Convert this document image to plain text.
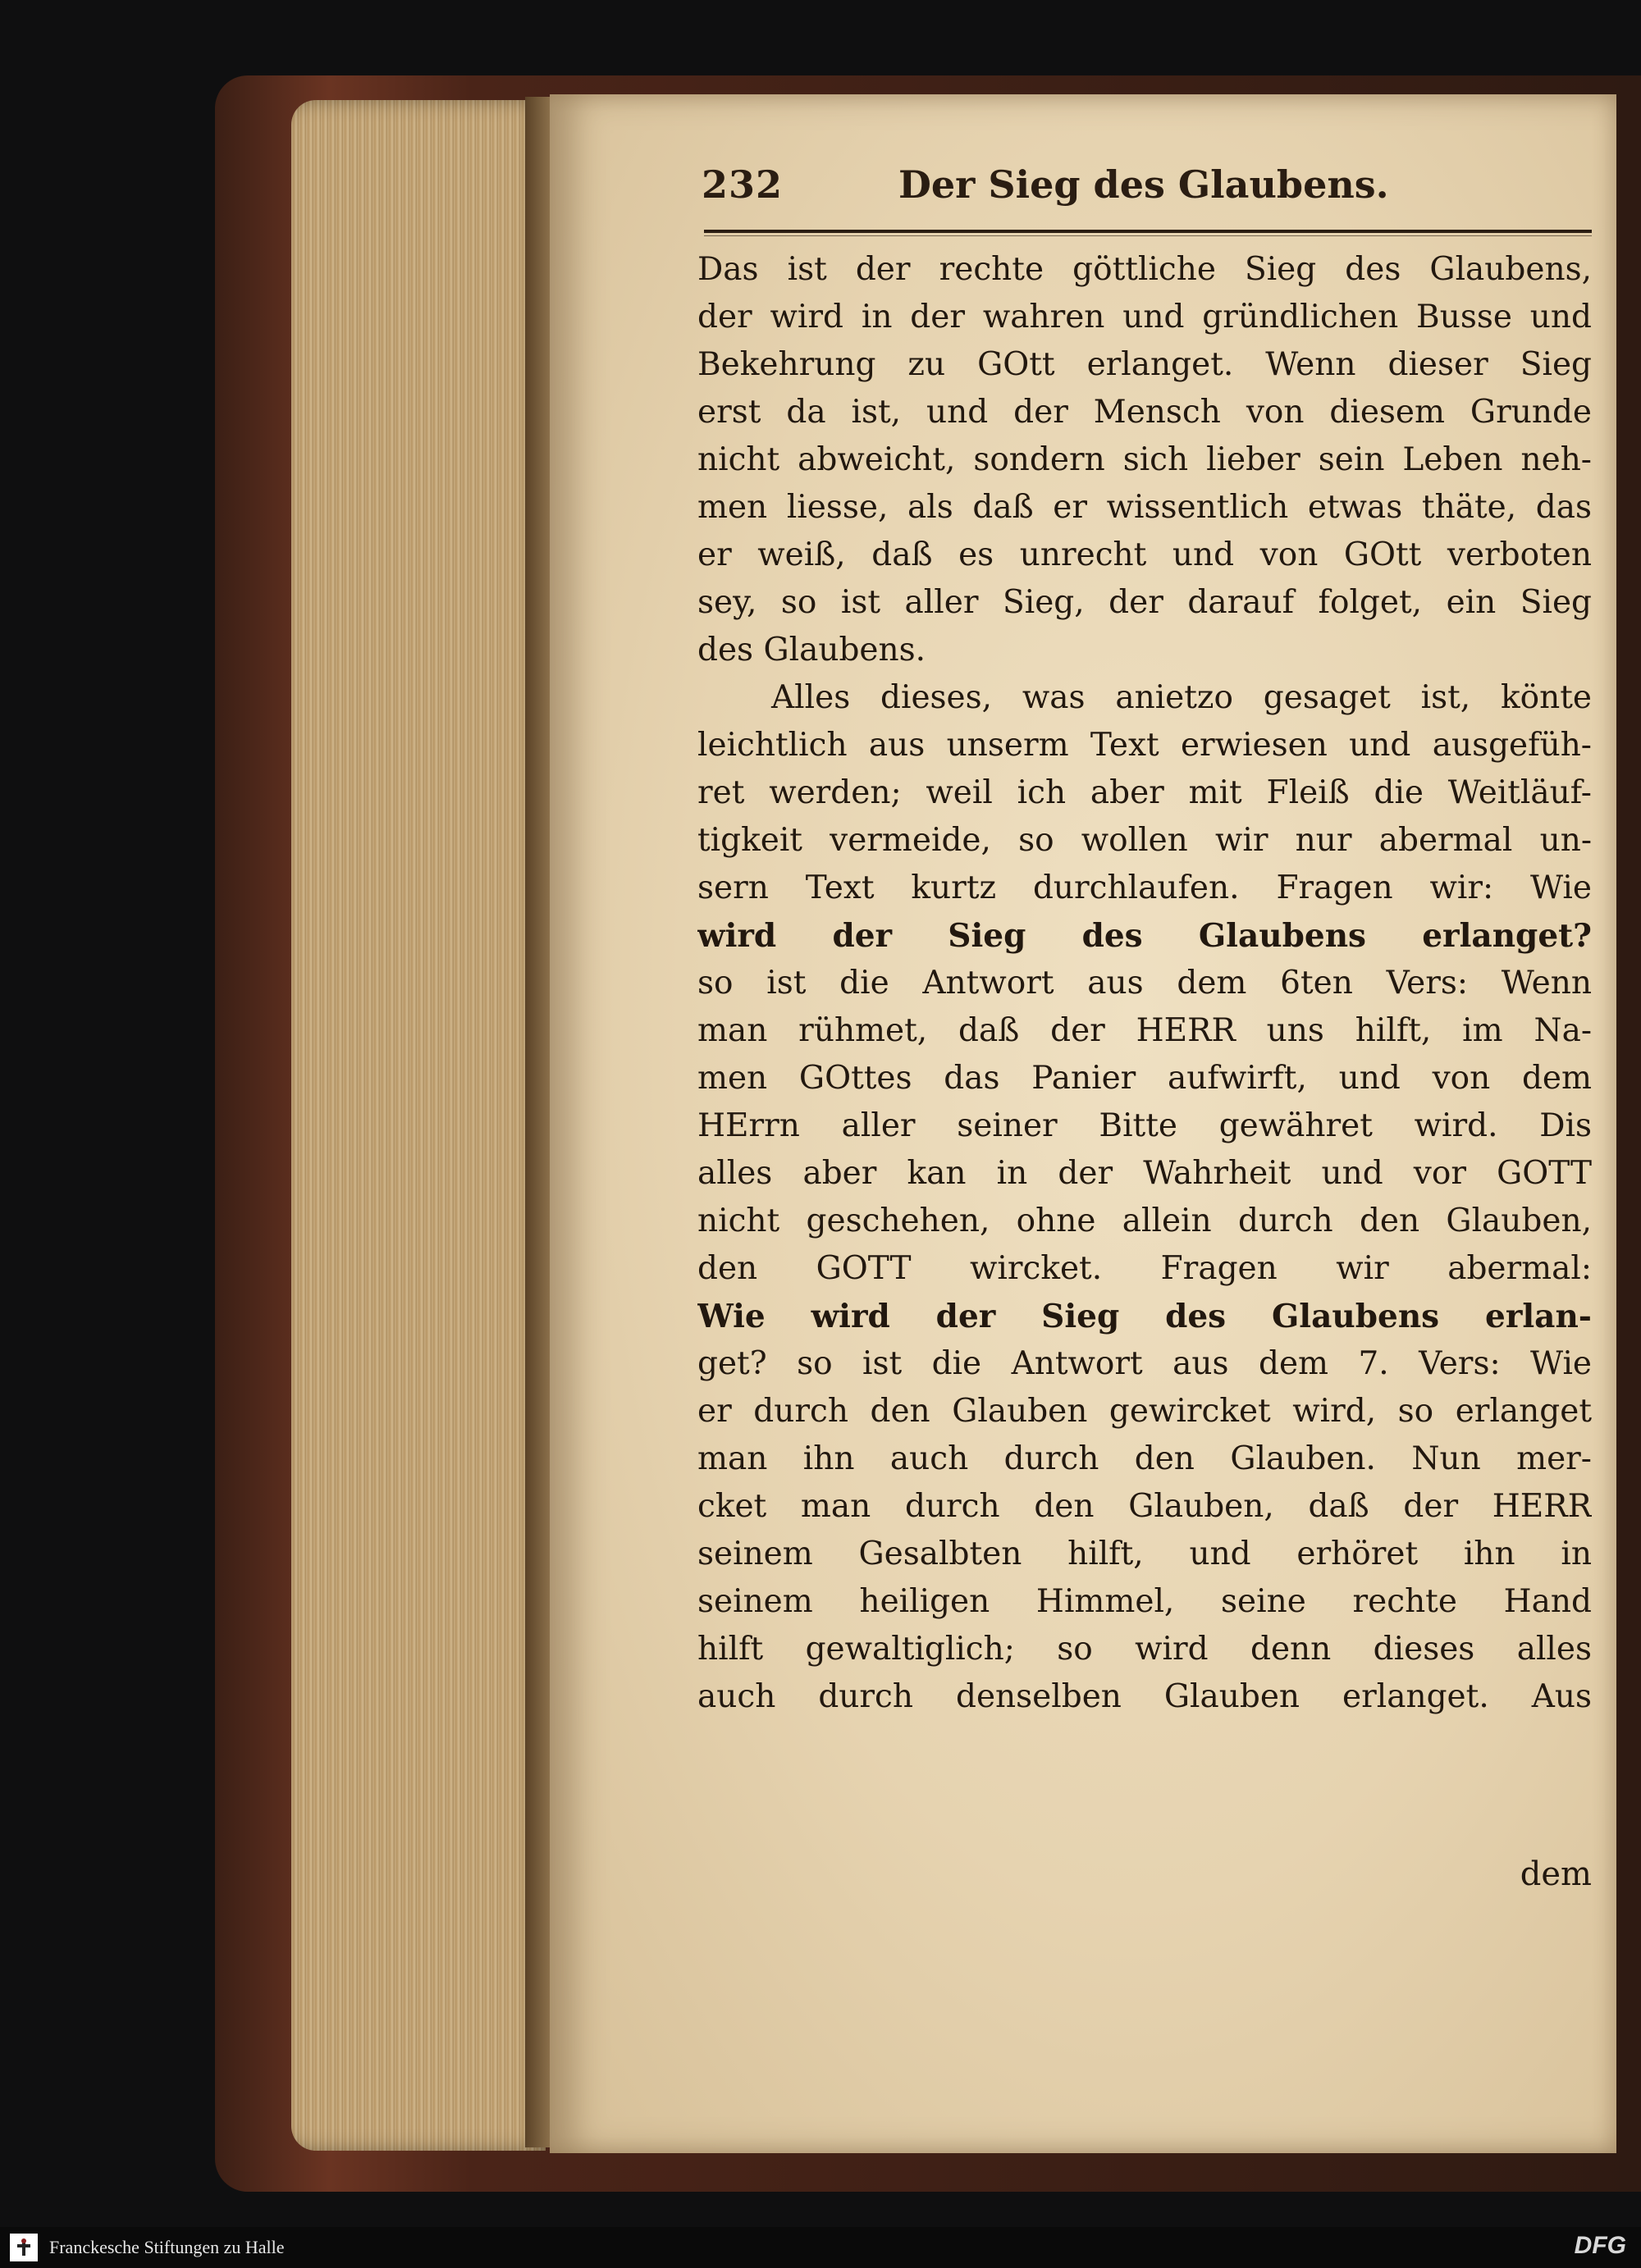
232	Der Sieg des Glaubens.
Das ist der rechte göttliche Sieg des Glaubens,
der wird in der wahren und gründlichen Busse und
Bekehrung zu GOtt erlanget. Wenn dieser Sieg
erst da ist, und der Mensch von diesem Grunde
nicht abweicht, sondern sich lieber sein Leben neh-
men liesse, als daß er wissentlich etwas thäte, das
er weiß, daß es unrecht und von GOtt verboten
sey, so ist aller Sieg, der darauf folget, ein Sieg
des Glaubens.
Alles dieses, was anietzo gesaget ist, könte
leichtlich aus unserm Text erwiesen und ausgefüh-
ret werden; weil ich aber mit Fleiß die Weitläuf-
tigkeit vermeide, so wollen wir nur abermal un-
sern Text kurtz durchlaufen. Fragen wir: Wie
wird der Sieg des Glaubens erlanget?
so ist die Antwort aus dem 6ten Vers: Wenn
man rühmet, daß der HERR uns hilft, im Na-
men GOttes das Panier aufwirft, und von dem
HErrn aller seiner Bitte gewähret wird. Dis
alles aber kan in der Wahrheit und vor GOTT
nicht geschehen, ohne allein durch den Glauben,
den GOTT wircket. Fragen wir abermal:
Wie wird der Sieg des Glaubens erlan-
get? so ist die Antwort aus dem 7. Vers: Wie
er durch den Glauben gewircket wird, so erlanget
man ihn auch durch den Glauben. Nun mer-
cket man durch den Glauben, daß der HERR
seinem Gesalbten hilft, und erhöret ihn in
seinem heiligen Himmel, seine rechte Hand
hilft gewaltiglich; so wird denn dieses alles
auch durch denselben Glauben erlanget. Aus
dem
Franckesche Stiftungen zu Halle	DFG
